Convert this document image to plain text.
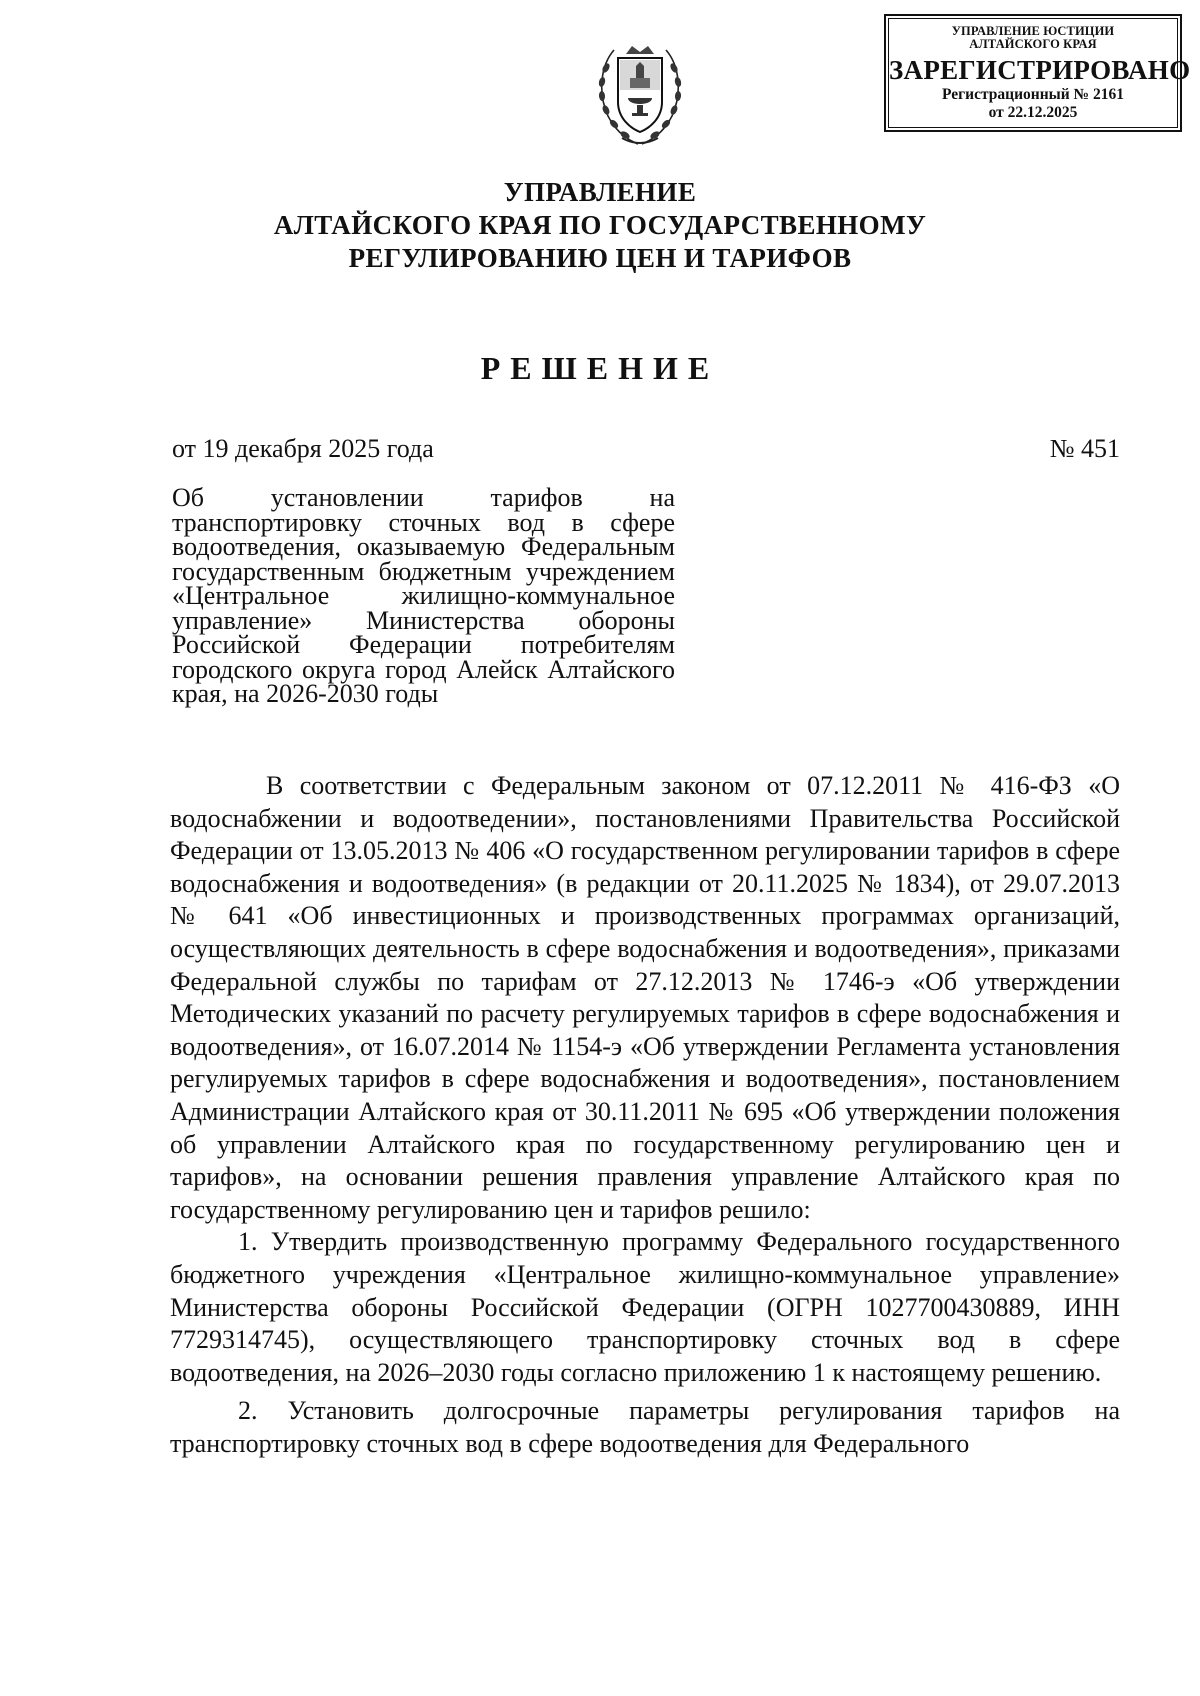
УПРАВЛЕНИЕ ЮСТИЦИИ
АЛТАЙСКОГО КРАЯ
ЗАРЕГИСТРИРОВАНО
Регистрационный № 2161
от 22.12.2025
УПРАВЛЕНИЕ
АЛТАЙСКОГО КРАЯ ПО ГОСУДАРСТВЕННОМУ
РЕГУЛИРОВАНИЮ ЦЕН И ТАРИФОВ
РЕШЕНИЕ
от 19 декабря 2025 года	№ 451
Об установлении тарифов на транспортировку сточных вод в сфере водоотведения, оказываемую Федеральным государственным бюджетным учреждением «Центральное жилищно-коммунальное управление» Министерства обороны Российской Федерации потребителям городского округа город Алейск Алтайского края, на 2026-2030 годы

В соответствии с Федеральным законом от 07.12.2011 № 416-ФЗ «О водоснабжении и водоотведении», постановлениями Правительства Российской Федерации от 13.05.2013 № 406 «О государственном регулировании тарифов в сфере водоснабжения и водоотведения» (в редакции от 20.11.2025 № 1834), от 29.07.2013 № 641 «Об инвестиционных и производственных программах организаций, осуществляющих деятельность в сфере водоснабжения и водоотведения», приказами Федеральной службы по тарифам от 27.12.2013 № 1746-э «Об утверждении Методических указаний по расчету регулируемых тарифов в сфере водоснабжения и водоотведения», от 16.07.2014 № 1154-э «Об утверждении Регламента установления регулируемых тарифов в сфере водоснабжения и водоотведения», постановлением Администрации Алтайского края от 30.11.2011 № 695 «Об утверждении положения об управлении Алтайского края по государственному регулированию цен и тарифов», на основании решения правления управление Алтайского края по государственному регулированию цен и тарифов решило:

1. Утвердить производственную программу Федерального государственного бюджетного учреждения «Центральное жилищно-коммунальное управление» Министерства обороны Российской Федерации (ОГРН 1027700430889, ИНН 7729314745), осуществляющего транспортировку сточных вод в сфере водоотведения, на 2026–2030 годы согласно приложению 1 к настоящему решению.

2. Установить долгосрочные параметры регулирования тарифов на транспортировку сточных вод в сфере водоотведения для Федерального
